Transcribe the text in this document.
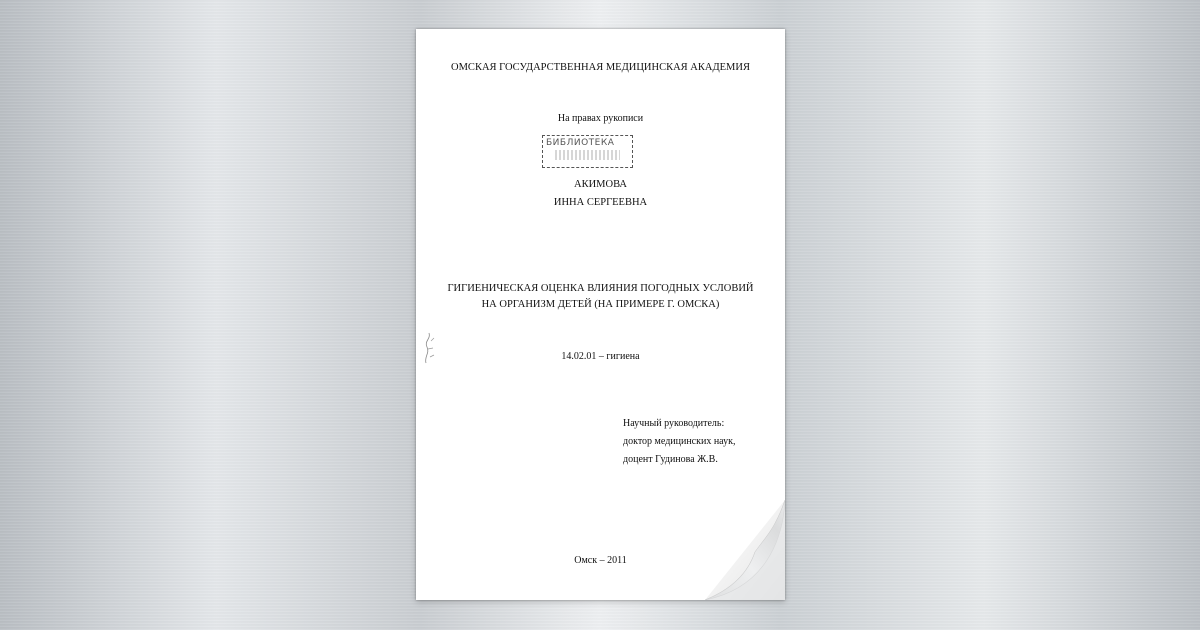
ОМСКАЯ ГОСУДАРСТВЕННАЯ МЕДИЦИНСКАЯ АКАДЕМИЯ
На правах рукописи
БИБЛИОТЕКА
АКИМОВА
ИННА СЕРГЕЕВНА
ГИГИЕНИЧЕСКАЯ ОЦЕНКА ВЛИЯНИЯ ПОГОДНЫХ УСЛОВИЙ
НА ОРГАНИЗМ ДЕТЕЙ (НА ПРИМЕРЕ Г. ОМСКА)
14.02.01 – гигиена
Научный руководитель:
доктор медицинских наук,
доцент Гудинова Ж.В.
Омск – 2011
